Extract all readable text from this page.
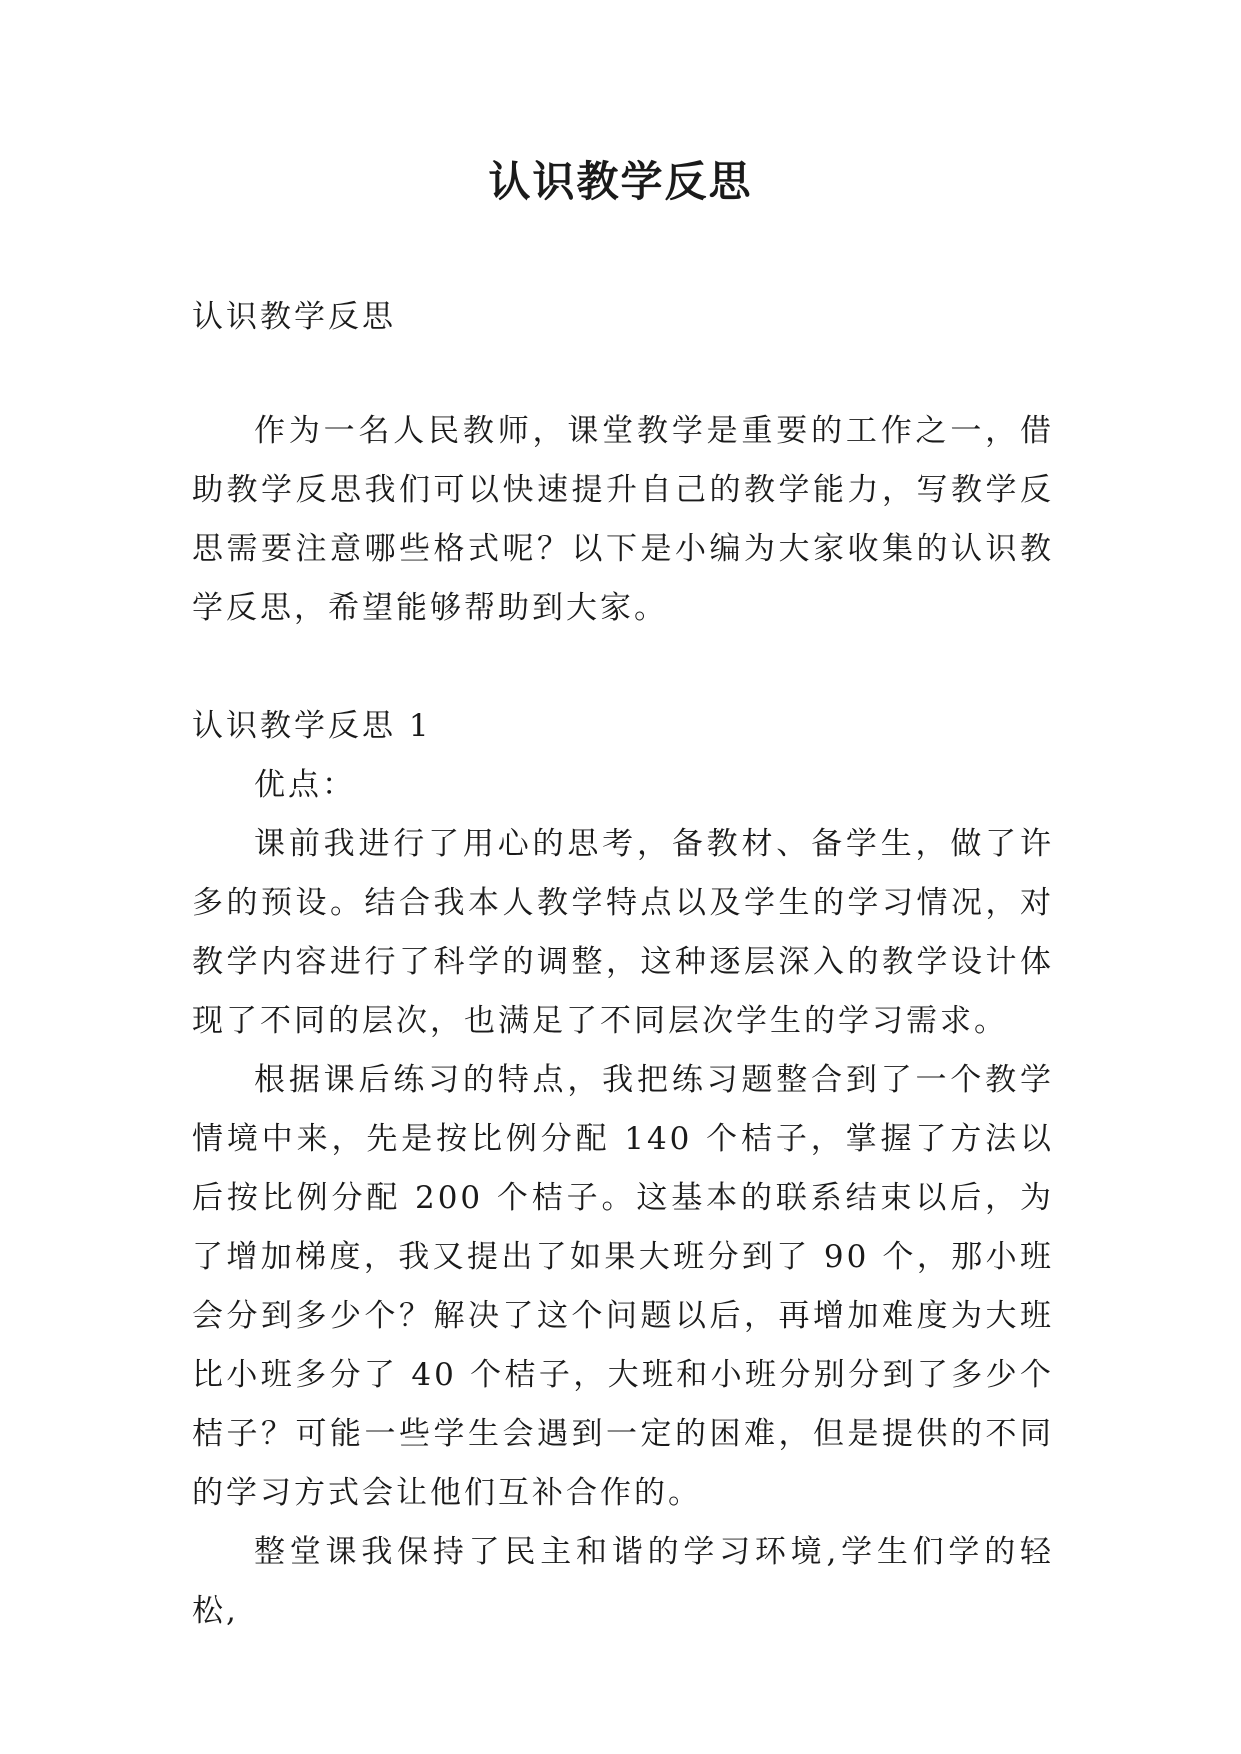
认识教学反思

认识教学反思

作为一名人民教师，课堂教学是重要的工作之一，借助教学反思我们可以快速提升自己的教学能力，写教学反思需要注意哪些格式呢？以下是小编为大家收集的认识教学反思，希望能够帮助到大家。

认识教学反思 1

优点：

课前我进行了用心的思考，备教材、备学生，做了许多的预设。结合我本人教学特点以及学生的学习情况，对教学内容进行了科学的调整，这种逐层深入的教学设计体现了不同的层次，也满足了不同层次学生的学习需求。

根据课后练习的特点，我把练习题整合到了一个教学情境中来，先是按比例分配 140 个桔子，掌握了方法以后按比例分配 200 个桔子。这基本的联系结束以后，为了增加梯度，我又提出了如果大班分到了 90 个，那小班会分到多少个？解决了这个问题以后，再增加难度为大班比小班多分了 40 个桔子，大班和小班分别分到了多少个桔子？可能一些学生会遇到一定的困难，但是提供的不同的学习方式会让他们互补合作的。

整堂课我保持了民主和谐的学习环境,学生们学的轻松,
